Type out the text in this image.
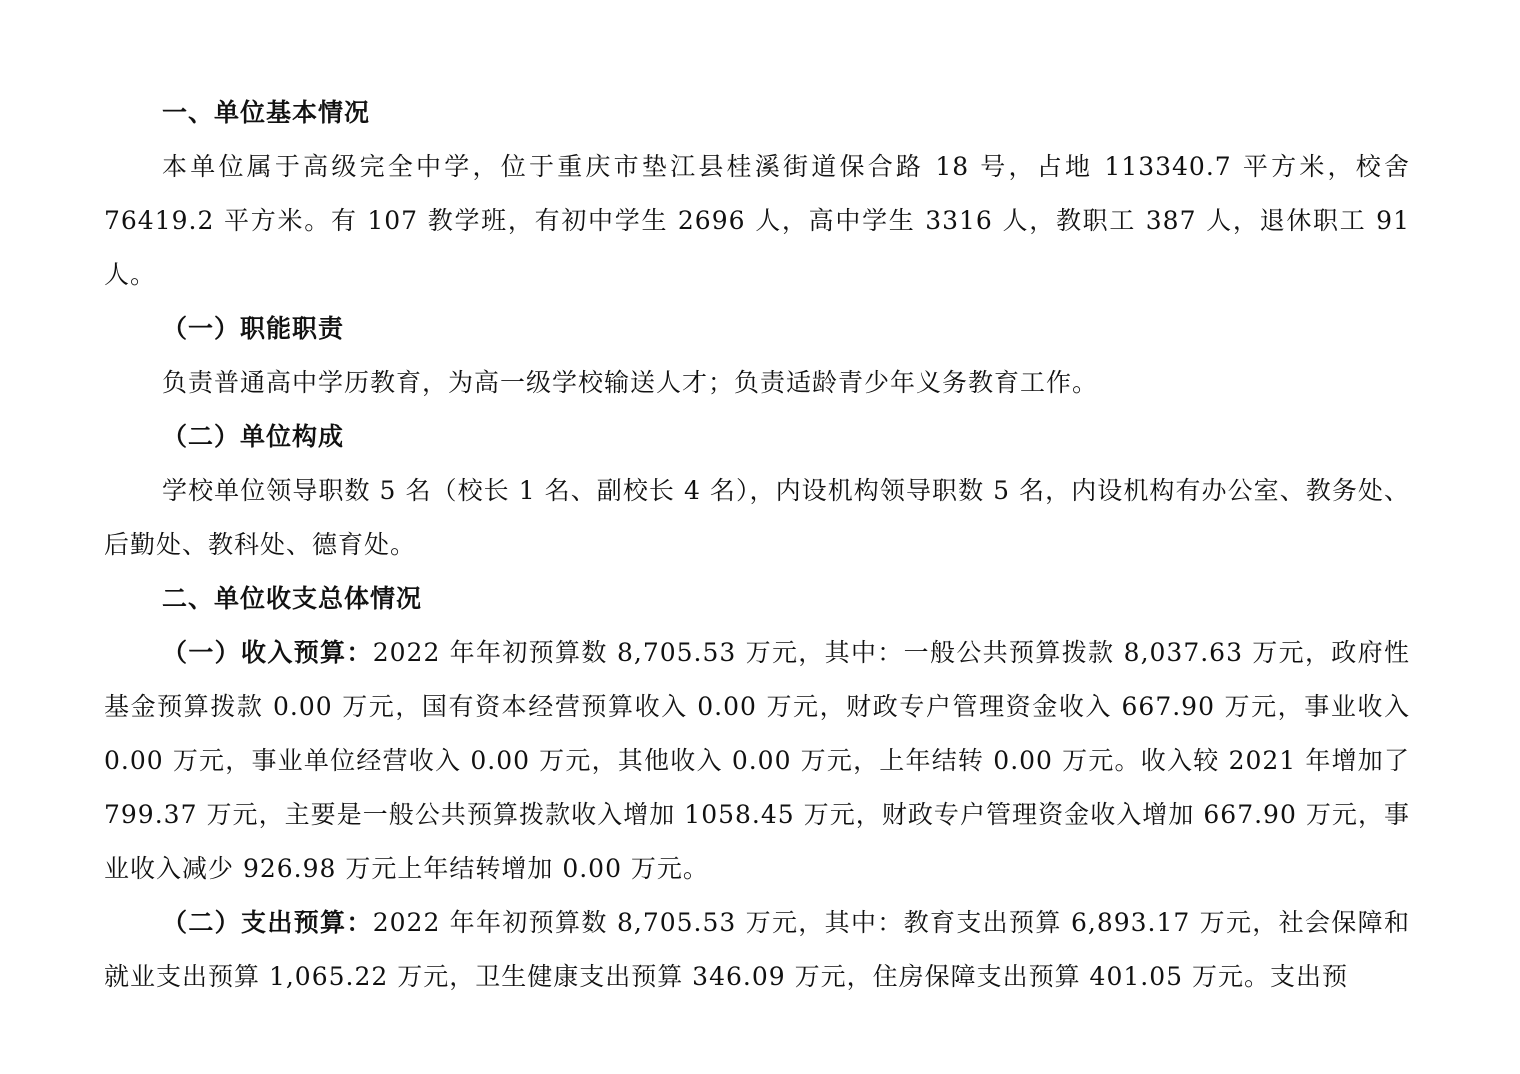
一、单位基本情况

本单位属于高级完全中学，位于重庆市垫江县桂溪街道保合路 18 号，占地 113340.7 平方米，校舍 76419.2 平方米。有 107 教学班，有初中学生 2696 人，高中学生 3316 人，教职工 387 人，退休职工 91 人。

（一）职能职责

负责普通高中学历教育，为高一级学校输送人才；负责适龄青少年义务教育工作。

（二）单位构成

学校单位领导职数 5 名（校长 1 名、副校长 4 名），内设机构领导职数 5 名，内设机构有办公室、教务处、后勤处、教科处、德育处。

二、单位收支总体情况

（一）收入预算：2022 年年初预算数 8,705.53 万元，其中：一般公共预算拨款 8,037.63 万元，政府性基金预算拨款 0.00 万元，国有资本经营预算收入 0.00 万元，财政专户管理资金收入 667.90 万元，事业收入 0.00 万元，事业单位经营收入 0.00 万元，其他收入 0.00 万元，上年结转 0.00 万元。收入较 2021 年增加了 799.37 万元，主要是一般公共预算拨款收入增加 1058.45 万元，财政专户管理资金收入增加 667.90 万元，事业收入减少 926.98 万元上年结转增加 0.00 万元。

（二）支出预算：2022 年年初预算数 8,705.53 万元，其中：教育支出预算 6,893.17 万元，社会保障和就业支出预算 1,065.22 万元，卫生健康支出预算 346.09 万元，住房保障支出预算 401.05 万元。支出预
